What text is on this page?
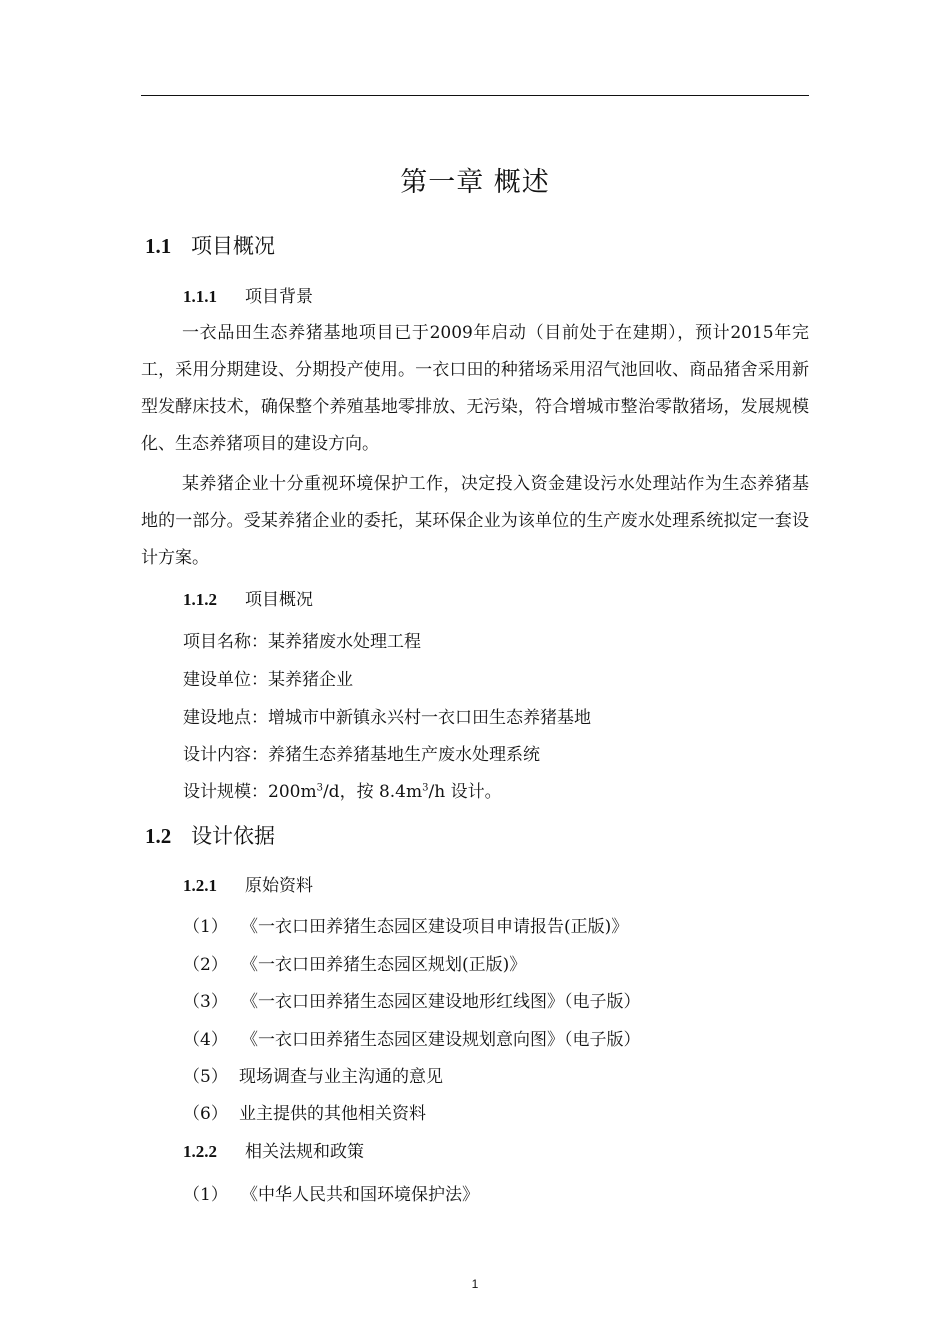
第一章 概述
1.1 项目概况
1.1.1 项目背景
一衣品田生态养猪基地项目已于2009年启动（目前处于在建期），预计2015年完工，采用分期建设、分期投产使用。一衣口田的种猪场采用沼气池回收、商品猪舍采用新型发酵床技术，确保整个养殖基地零排放、无污染，符合增城市整治零散猪场，发展规模化、生态养猪项目的建设方向。
某养猪企业十分重视环境保护工作，决定投入资金建设污水处理站作为生态养猪基地的一部分。受某养猪企业的委托，某环保企业为该单位的生产废水处理系统拟定一套设计方案。
1.1.2 项目概况
项目名称：某养猪废水处理工程
建设单位：某养猪企业
建设地点：增城市中新镇永兴村一衣口田生态养猪基地
设计内容：养猪生态养猪基地生产废水处理系统
设计规模：$200m^3/d$，按 $8.4m^3/h$ 设计。
1.2 设计依据
1.2.1 原始资料
（1） 《一衣口田养猪生态园区建设项目申请报告(正版)》
（2） 《一衣口田养猪生态园区规划(正版)》
（3） 《一衣口田养猪生态园区建设地形红线图》（电子版）
（4） 《一衣口田养猪生态园区建设规划意向图》（电子版）
（5） 现场调查与业主沟通的意见
（6） 业主提供的其他相关资料
1.2.2 相关法规和政策
（1） 《中华人民共和国环境保护法》
1
